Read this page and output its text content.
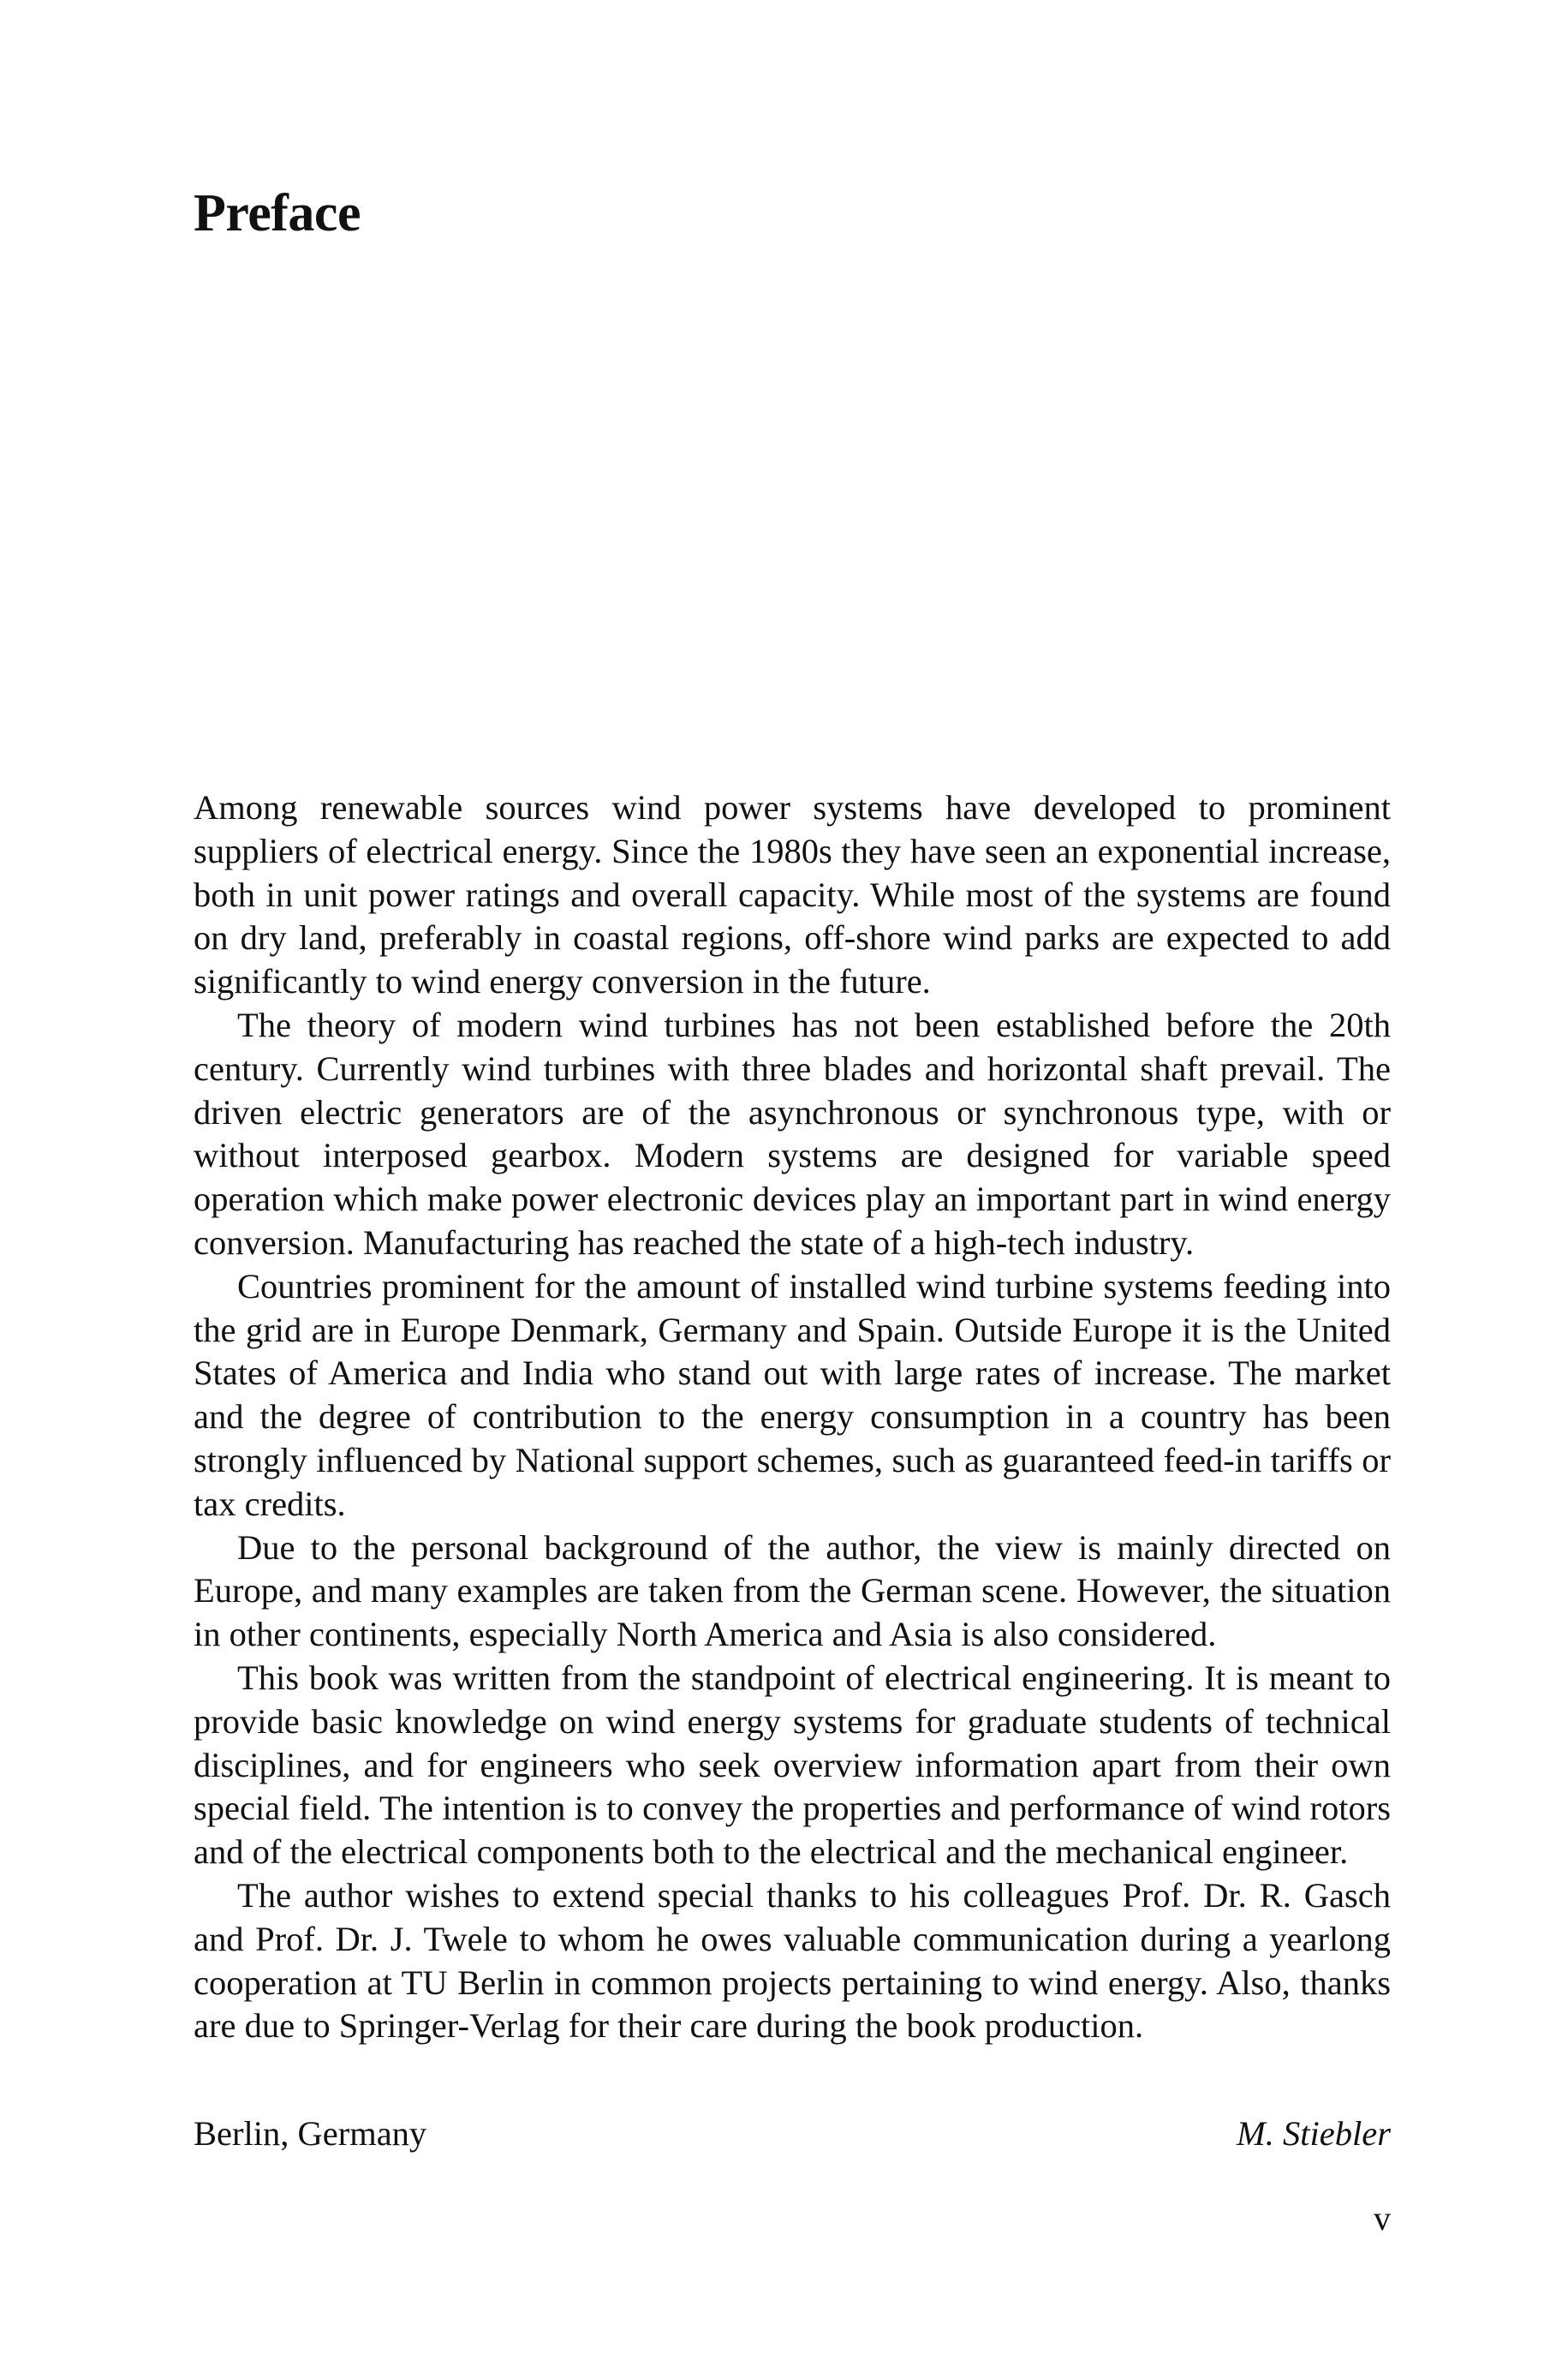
Preface

Among renewable sources wind power systems have developed to prominent suppliers of electrical energy. Since the 1980s they have seen an exponential increase, both in unit power ratings and overall capacity. While most of the systems are found on dry land, preferably in coastal regions, off-shore wind parks are expected to add significantly to wind energy conversion in the future.

The theory of modern wind turbines has not been established before the 20th century. Currently wind turbines with three blades and horizontal shaft prevail. The driven electric generators are of the asynchronous or synchronous type, with or without interposed gearbox. Modern systems are designed for variable speed operation which make power electronic devices play an important part in wind energy conversion. Manufacturing has reached the state of a high-tech industry.

Countries prominent for the amount of installed wind turbine systems feeding into the grid are in Europe Denmark, Germany and Spain. Outside Europe it is the United States of America and India who stand out with large rates of increase. The market and the degree of contribution to the energy consumption in a country has been strongly influenced by National support schemes, such as guaranteed feed-in tariffs or tax credits.

Due to the personal background of the author, the view is mainly directed on Europe, and many examples are taken from the German scene. However, the situation in other continents, especially North America and Asia is also considered.

This book was written from the standpoint of electrical engineering. It is meant to provide basic knowledge on wind energy systems for graduate students of technical disciplines, and for engineers who seek overview information apart from their own special field. The intention is to convey the properties and performance of wind rotors and of the electrical components both to the electrical and the mechanical engineer.

The author wishes to extend special thanks to his colleagues Prof. Dr. R. Gasch and Prof. Dr. J. Twele to whom he owes valuable communication during a yearlong cooperation at TU Berlin in common projects pertaining to wind energy. Also, thanks are due to Springer-Verlag for their care during the book production.

Berlin, Germany	M. Stiebler
v
